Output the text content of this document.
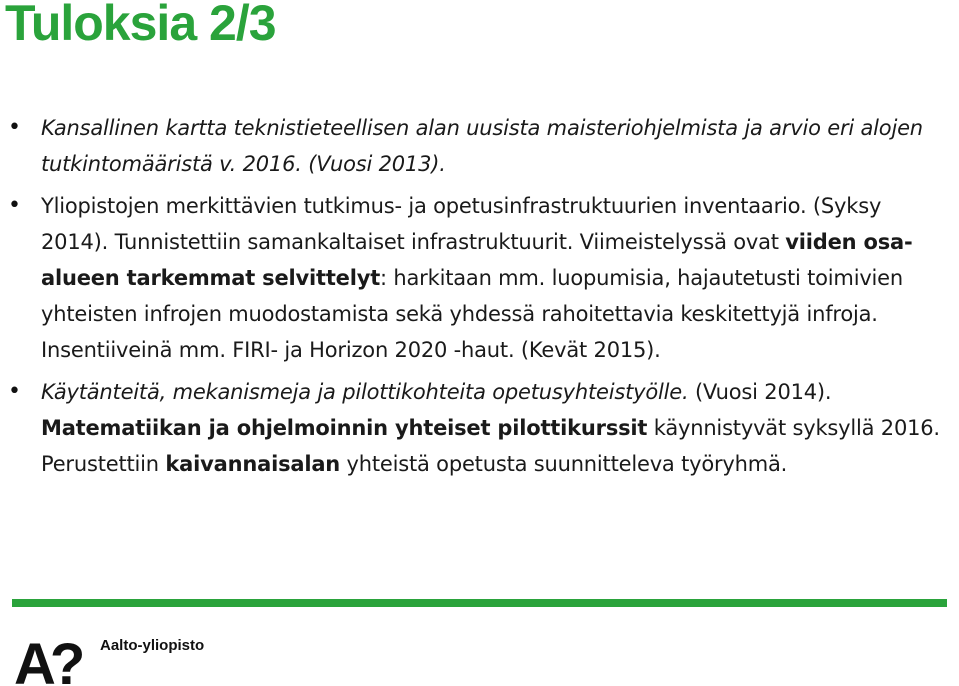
Tuloksia 2/3
• Kansallinen kartta teknistieteellisen alan uusista maisteriohjelmista ja arvio eri alojen tutkintomääristä v. 2016. (Vuosi 2013).
• Yliopistojen merkittävien tutkimus- ja opetusinfrastruktuurien inventaario. (Syksy 2014). Tunnistettiin samankaltaiset infrastruktuurit. Viimeistelyssä ovat viiden osa-alueen tarkemmat selvittelyt: harkitaan mm. luopumisia, hajautetusti toimivien yhteisten infrojen muodostamista sekä yhdessä rahoitettavia keskitettyjä infroja. Insentiiveinä mm. FIRI- ja Horizon 2020 -haut. (Kevät 2015).
• Käytänteitä, mekanismeja ja pilottikohteita opetusyhteistyölle. (Vuosi 2014). Matematiikan ja ohjelmoinnin yhteiset pilottikurssit käynnistyvät syksyllä 2016. Perustettiin kaivannaisalan yhteistä opetusta suunnitteleva työryhmä.
A? Aalto-yliopisto
